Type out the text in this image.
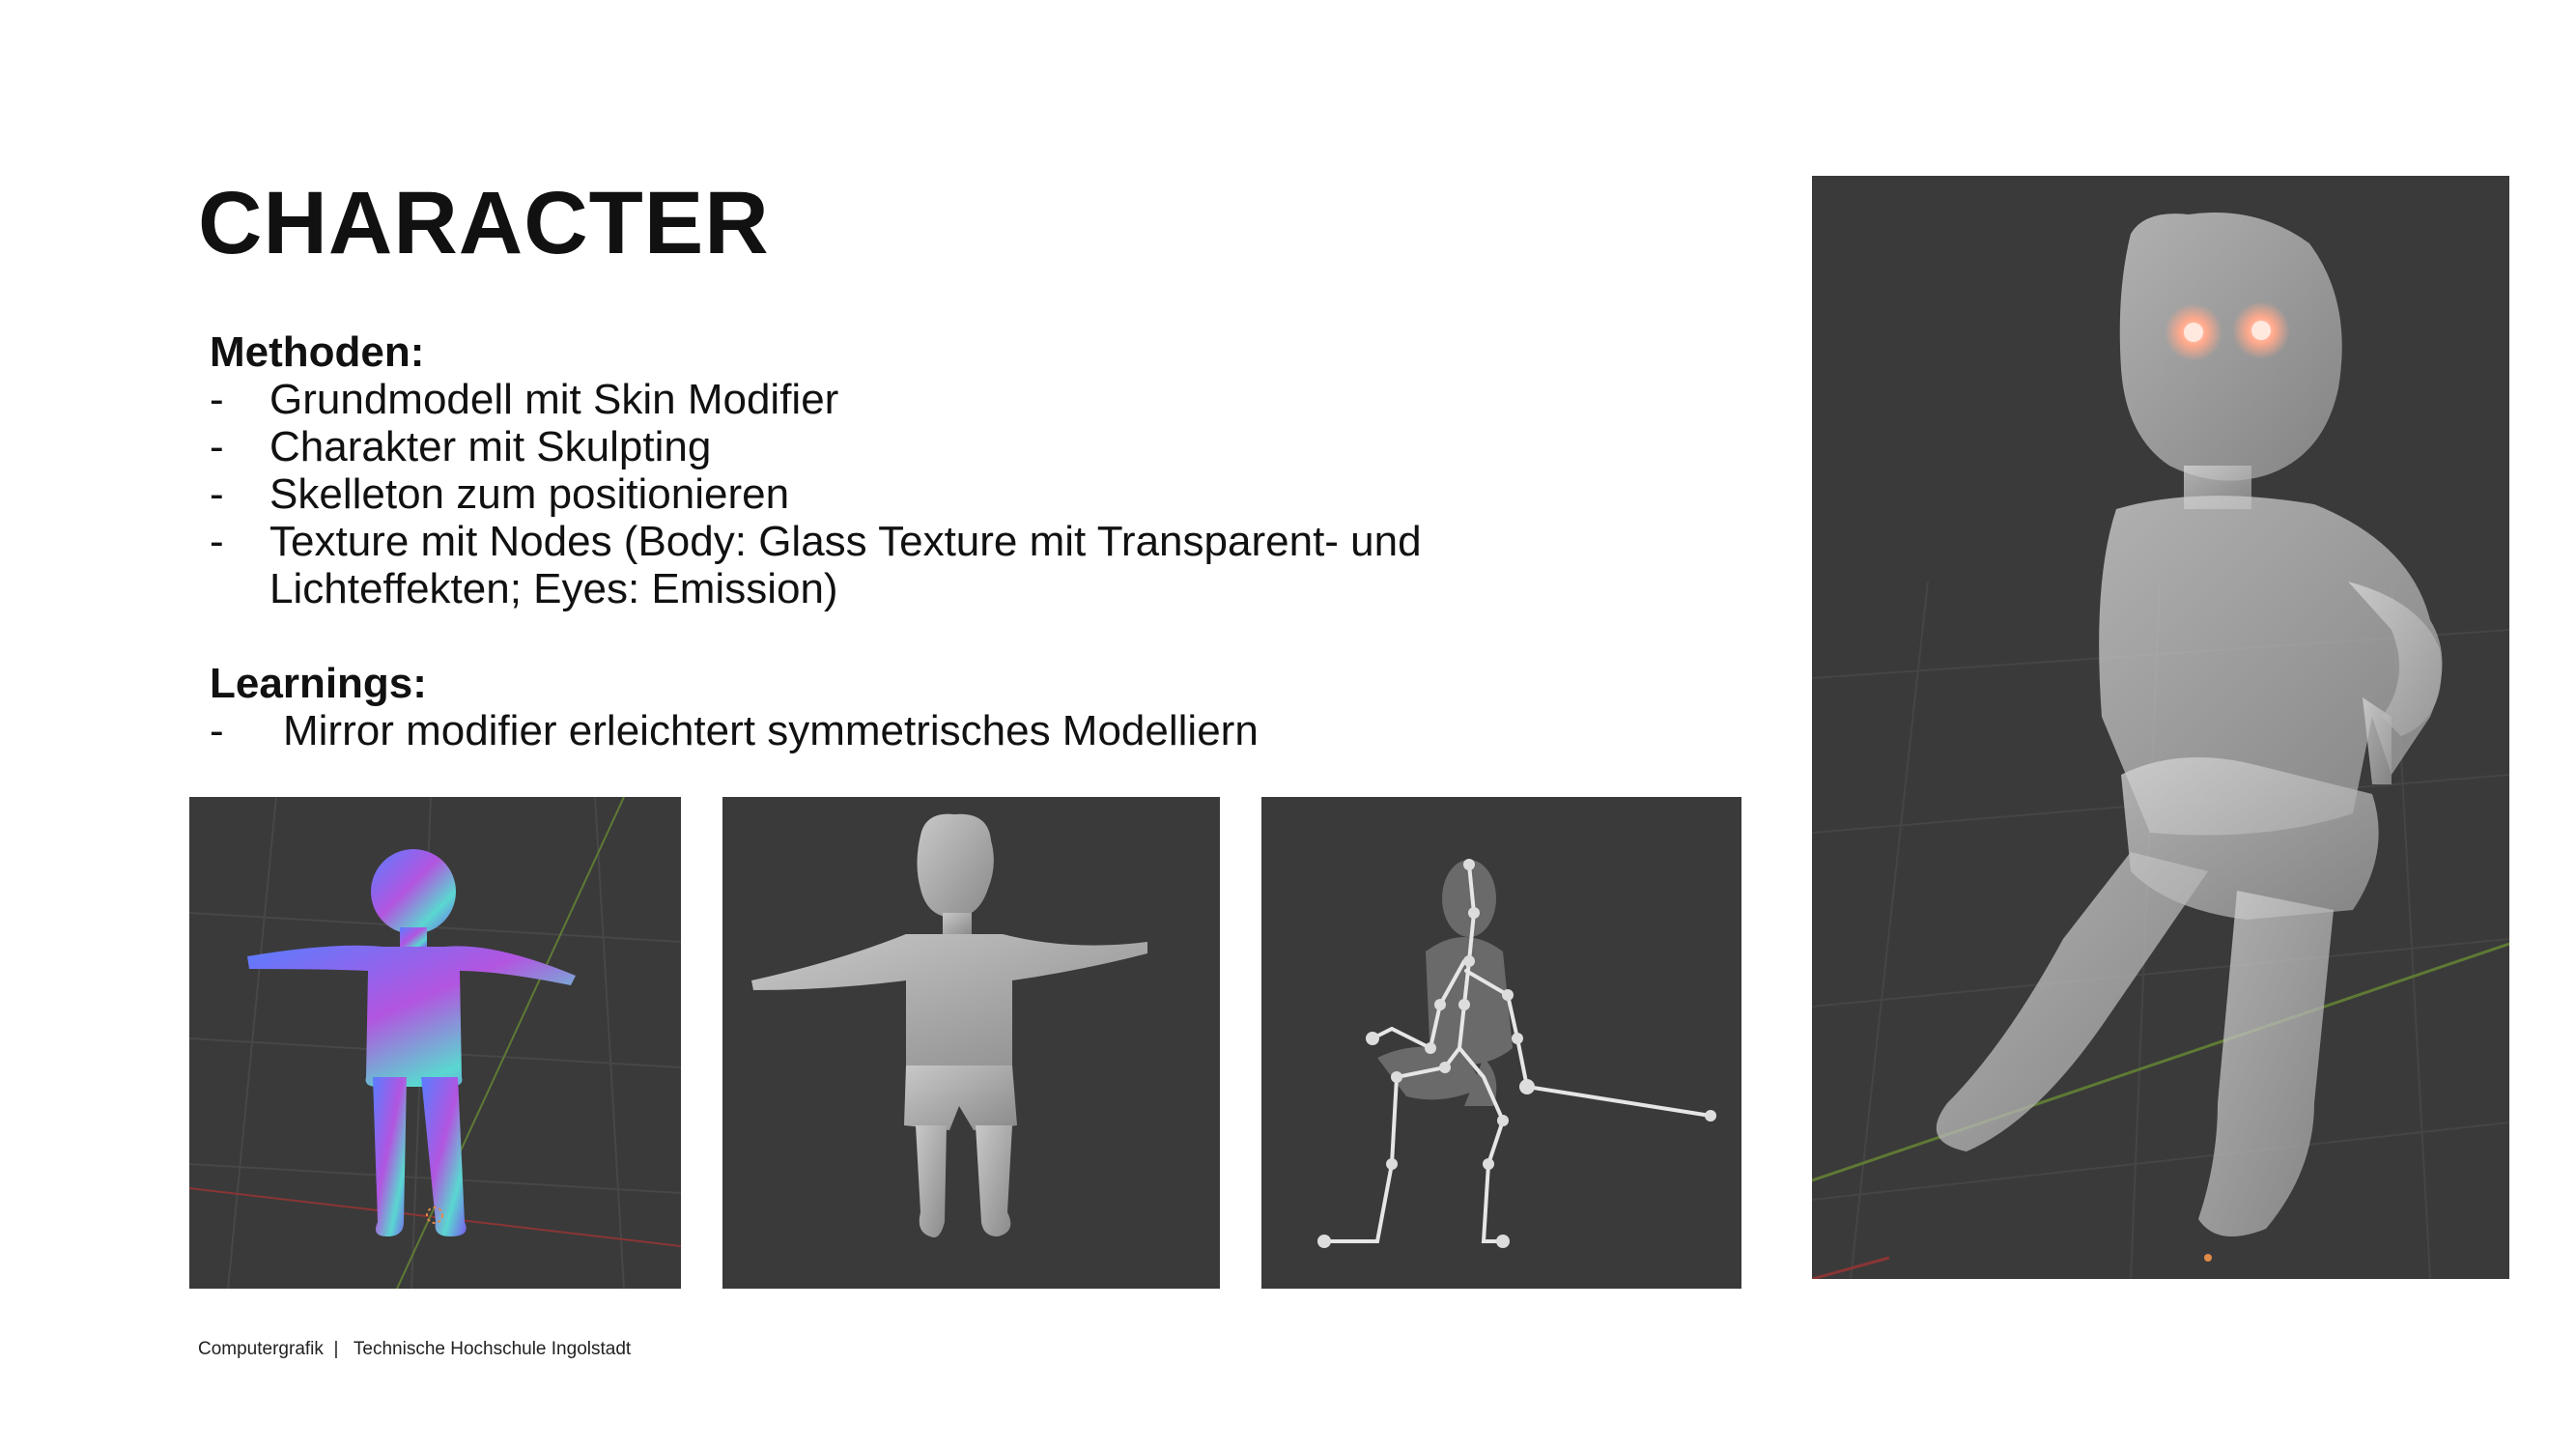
CHARACTER

Methoden:

- Grundmodell mit Skin Modifier
- Charakter mit Skulpting
- Skelleton zum positionieren
- Texture mit Nodes (Body: Glass Texture mit Transparent- und Lichteffekten; Eyes: Emission)

Learnings:

- Mirror modifier erleichtert symmetrisches Modelliern
Computergrafik | Technische Hochschule Ingolstadt
